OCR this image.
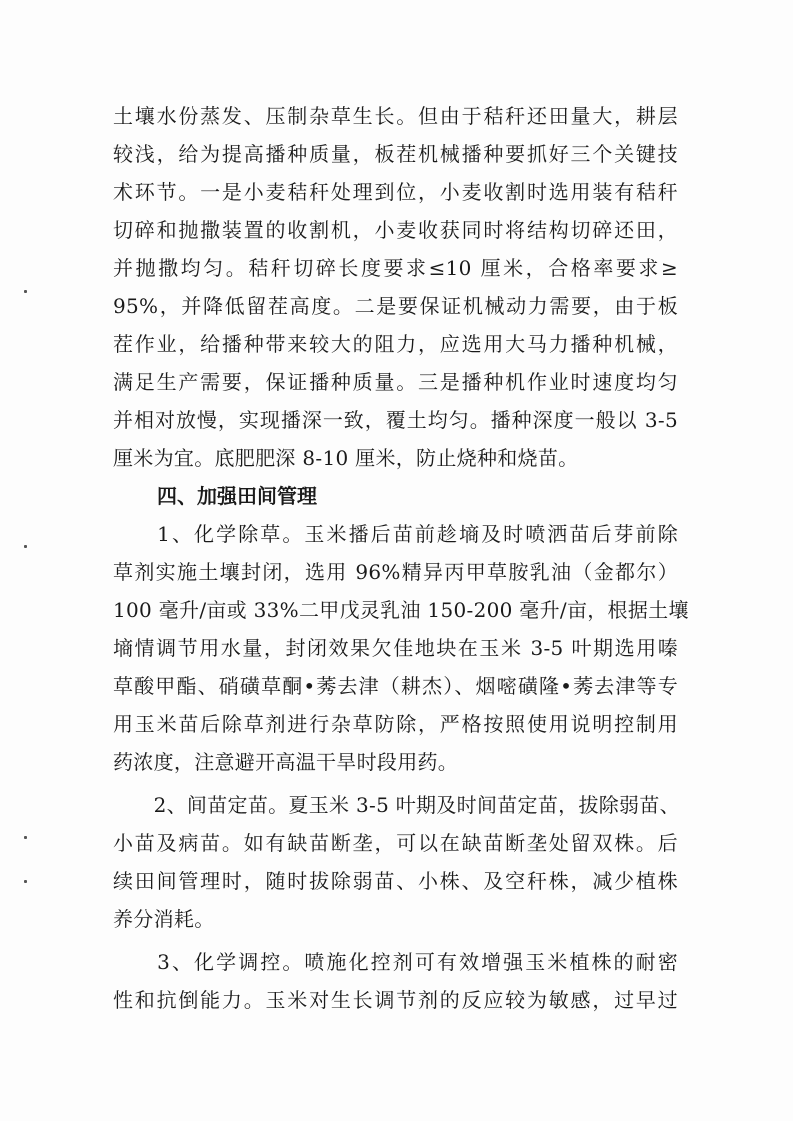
土壤水份蒸发、压制杂草生长。但由于秸秆还田量大，耕层
较浅，给为提高播种质量，板茬机械播种要抓好三个关键技
术环节。一是小麦秸秆处理到位，小麦收割时选用装有秸秆
切碎和抛撒装置的收割机，小麦收获同时将结构切碎还田，
并抛撒均匀。秸秆切碎长度要求≤10 厘米，合格率要求≥
95%，并降低留茬高度。二是要保证机械动力需要，由于板
茬作业，给播种带来较大的阻力，应选用大马力播种机械，
满足生产需要，保证播种质量。三是播种机作业时速度均匀
并相对放慢，实现播深一致，覆土均匀。播种深度一般以 3-5
厘米为宜。底肥肥深 8-10 厘米，防止烧种和烧苗。
四、加强田间管理
　　1、化学除草。玉米播后苗前趁墒及时喷洒苗后芽前除
草剂实施土壤封闭，选用 96%精异丙甲草胺乳油（金都尔）
100 毫升/亩或 33%二甲戊灵乳油 150-200 毫升/亩，根据土壤
墒情调节用水量，封闭效果欠佳地块在玉米 3-5 叶期选用嗪
草酸甲酯、硝磺草酮•莠去津（耕杰）、烟嘧磺隆•莠去津等专
用玉米苗后除草剂进行杂草防除，严格按照使用说明控制用
药浓度，注意避开高温干旱时段用药。
　　2、间苗定苗。夏玉米 3-5 叶期及时间苗定苗，拔除弱苗、
小苗及病苗。如有缺苗断垄，可以在缺苗断垄处留双株。后
续田间管理时，随时拔除弱苗、小株、及空秆株，减少植株
养分消耗。
　　3、化学调控。喷施化控剂可有效增强玉米植株的耐密
性和抗倒能力。玉米对生长调节剂的反应较为敏感，过早过
